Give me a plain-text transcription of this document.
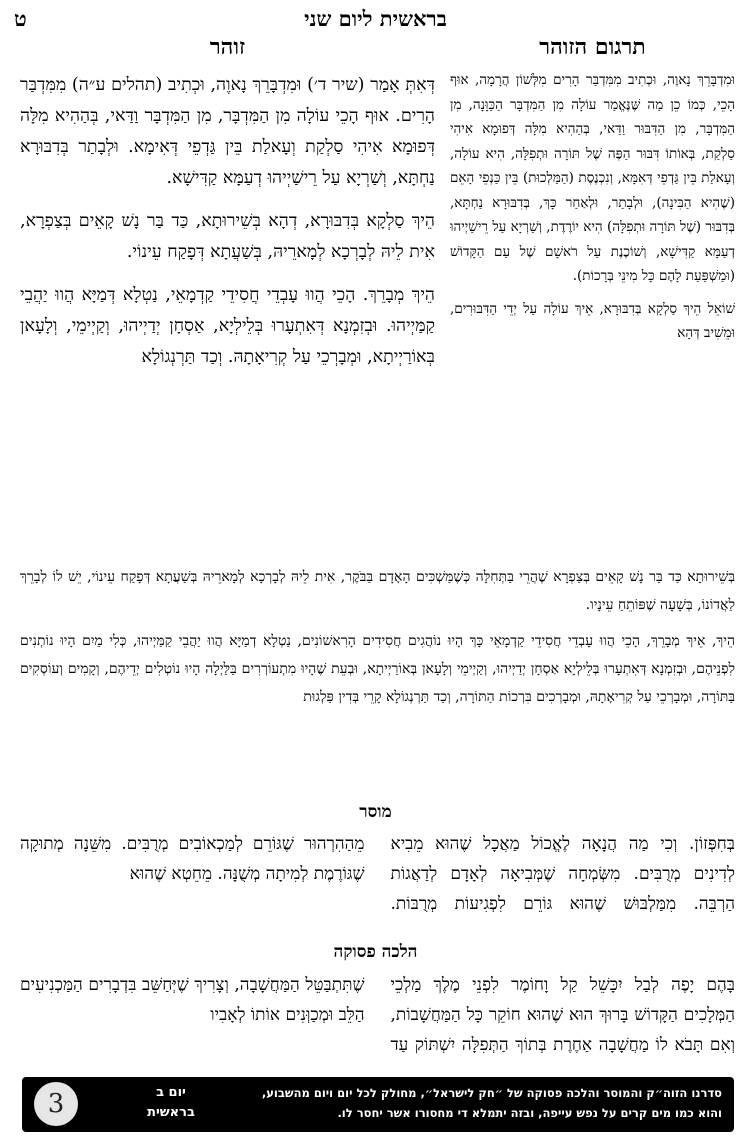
בראשית ליום שני
ט
תרגום הזוהר
זוהר

דְּאִתְּ אָמַר (שיר ד׳) וּמִדְבָּרֵךְ נָאוֶה, וּכְתִיב (תהלים ע״ה) מִמִּדְבַּר הָרִים. אוּף הָכֵי עוֹלָה מִן הַמִּדְבָּר, מִן הַמִּדְבָּר וַדַּאי, בְּהַהִיא מִלָּה דְּפוּמָא אִיהִי סַלְקַת וְעָאלַת בֵּין גַּדְפֵי דְּאִימָא. וּלְבָתַר בְּדִבּוּרָא נַחְתָּא, וְשַׁרְיָא עַל רֵישַׁיְיהוּ דְעַמָּא קַדִּישָׁא.

הֵיךְ סַלְקָא בְּדִבּוּרָא, דְהָא בְּשֵׁירוּתָא, כַּד בַּר נָשׁ קָאֵים בְּצַפְרָא, אִית לֵיהּ לְבָרְכָא לְמָארֵיהּ, בְּשַׁעֲתָא דְּפָקַח עֵינוֹי.

הֵיךְ מְבָרֵךְ. הָכֵי הֲווּ עָבְדֵי חֲסִידֵי קַדְמָאֵי, נַטְלָא דְּמַיָּא הֲווּ יַהֲבֵי קַמַּיְיהוּ. וּבְזִמְנָא דְּאִתְעָרוּ בְּלֵילְיָא, אַסְחָן יְדַיְיהוּ, וְקַיְימֵי, וְלָעָאן בְּאוֹרַיְיתָא, וּמְבָרְכֵי עַל קְרִיאָתָהּ. וְכַד תַּרְנְגוֹלָא

וּמִדְבָּרֵךְ נָאוֶה, וּכְתִיב מִמִּדְבַּר הָרִים מִלְּשׁוֹן הֲרָמָה, אוּף הָכֵי, כְּמוֹ כֵן מַה שֶּׁנֶּאֱמַר עוֹלָה מִן הַמִּדְבָּר הַכַּוָּנָה, מִן הַמִּדְבָּר, מִן הַדִּבּוּר וַדַּאי, בְּהַהִיא מִלָּה דְּפוּמָא אִיהִי סַלְקַת, בְּאוֹתוֹ דִּבּוּר הַפֶּה שֶׁל תּוֹרָה וּתְפִלָּה, הִיא עוֹלָה, וְעָאלַת בֵּין גַּדְפֵי דְּאִמָּא, וְנִכְנֶסֶת (הַמַּלְכוּת) בֵּין כַּנְפֵי הָאֵם (שֶׁהִיא הַבִּינָה), וּלְבָתַר, וּלְאַחַר כָּךְ, בְּדִבּוּרָא נַחְתָּא, בְּדִבּוּר (שֶׁל תּוֹרָה וּתְפִלָּה) הִיא יוֹרֶדֶת, וְשַׁרְיָא עַל רֵישַׁיְיהוּ דְעַמָּא קַדִּישָׁא, וְשׁוֹכֶנֶת עַל רֹאשָׁם שֶׁל עַם הַקָּדוֹשׁ (וּמַשְׁפַּעַת לָהֶם כָּל מִינֵי בְּרָכוֹת).
שׁוֹאֵל הֵיךְ סַלְקָא בְּדִבּוּרָא, אֵיךְ עוֹלָה עַל יְדֵי הַדִּבּוּרִים, וּמֵשִׁיב דְּהָא
בְּשֵׁירוּתָא כַּד בַּר נָשׁ קָאֵים בְּצַפְרָא שֶׁהֲרֵי בַּתְּחִלָּה כְּשֶׁמַּשְׁכִּים הָאָדָם בַּבֹּקֶר, אִית לֵיהּ לְבָרְכָא לְמָארֵיהּ בְּשַׁעֲתָא דְּפָקַח עֵינוֹי, יֵשׁ לוֹ לְבָרֵךְ לַאֲדוֹנוֹ, בְּשָׁעָה שֶׁפּוֹתֵחַ עֵינָיו.
הֵיךְ, אֵיךְ מְבָרֵךְ, הָכֵי הֲווּ עָבְדֵי חֲסִידֵי קַדְמָאֵי כָּךְ הָיוּ נוֹהֲגִים חֲסִידִים הָרִאשׁוֹנִים, נַטְלָא דְמַיָּא הֲווּ יַהֲבֵי קַמַּיְיהוּ, כְּלִי מַיִם הָיוּ נוֹתְנִים לִפְנֵיהֶם, וּבְזִמְנָא דְּאִתְעָרוּ בְּלֵילְיָא אַסְחָן יְדַיְיהוּ, וְקַיְימֵי וְלָעָאן בְּאוֹרַיְיתָא, וּבְעֵת שֶׁהָיוּ מִתְעוֹרְרִים בַּלַּיְלָה הָיוּ נוֹטְלִים יְדֵיהֶם, וְקָמִים וְעוֹסְקִים בַּתּוֹרָה, וּמְבָרְכֵי עַל קְרִיאָתָהּ, וּמְבָרְכִים בִּרְכוֹת הַתּוֹרָה, וְכַד תַּרְנְגוֹלָא קָרֵי בְּדִין פַּלְגוּת
מוסר
בְּחִפְּזוֹן. וְכִי מַה הֲנָאָה לֶאֱכוֹל מַאֲכָל שֶׁהוּא מֵבִיא לְדִינִים מְרֻבִּים. מִשְּׂמְחָה שֶׁמְּבִיאָה לְאָדָם לְדַאֲגוֹת הַרְבֵּה. מִמַּלְבּוּשׁ שֶׁהוּא גּוֹרֵם לִפְגִיעוֹת מְרֻבּוֹת. מֵהַהִרְהוּר שֶׁגּוֹרֵם לְמַכְאוֹבִים מְרֻבִּים. מִשֵּׁנָה מְתוּקָה שֶׁגּוֹרֶמֶת לְמִיתָה מְשֻׁנָּה. מֵחֵטְא שֶׁהוּא
הלכה פסוקה
בָּהֶם יָפֶה לְבַל יִכָּשֵׁל קַל וָחוֹמֶר לִפְנֵי מֶלֶךְ מַלְכֵי הַמְּלָכִים הַקָּדוֹשׁ בָּרוּךְ הוּא שֶׁהוּא חוֹקֵר כָּל הַמַּחֲשָׁבוֹת, וְאִם תָּבֹא לוֹ מַחֲשָׁבָה אַחֶרֶת בְּתוֹךְ הַתְּפִלָּה יִשְׁתּוֹק עַד שֶׁתִּתְבַּטֵּל הַמַּחֲשָׁבָה, וְצָרִיךְ שֶׁיְּחַשֵּׁב בִּדְבָרִים הַמַּכְנִיעִים הַלֵּב וּמְכַוְּנִים אוֹתוֹ לְאָבִיו
סדרנו הזוה״ק והמוסר והלכה פסוקה של ״חק לישראל״, מחולק לכל יום ויום מהשבוע,
והוא כמו מים קרים על נפש עייפה, ובזה יתמלא די מחסורו אשר יחסר לו.
יום ב
בראשית
3
